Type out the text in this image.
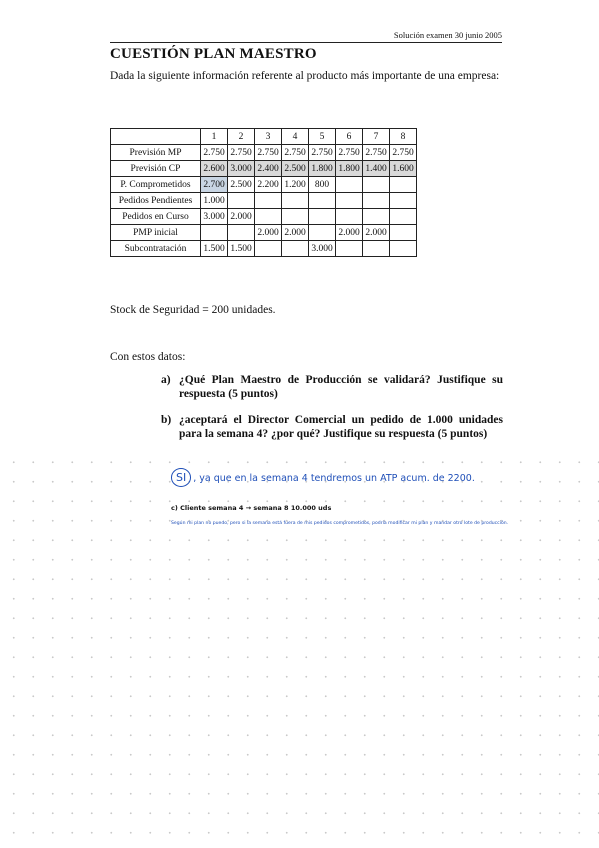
Solución examen 30 junio 2005
CUESTIÓN PLAN MAESTRO
Dada la siguiente información referente al producto más importante de una empresa:
	1	2	3	4	5	6	7	8
Previsión MP	2.750	2.750	2.750	2.750	2.750	2.750	2.750	2.750
Previsión CP	2.600	3.000	2.400	2.500	1.800	1.800	1.400	1.600
P. Comprometidos	2.700	2.500	2.200	1.200	800			
Pedidos Pendientes	1.000							
Pedidos en Curso	3.000	2.000						
PMP inicial			2.000	2.000		2.000	2.000	
Subcontratación	1.500	1.500			3.000			
Stock de Seguridad = 200 unidades.
Con estos datos:
a) ¿Qué Plan Maestro de Producción se validará? Justifique su respuesta (5 puntos)
b) ¿aceptará el Director Comercial un pedido de 1.000 unidades para la semana 4? ¿por qué? Justifique su respuesta (5 puntos)
SI , ya que en la semana 4 tendremos un ATP acum. de 2200.
c) Cliente semana 4 → semana 8 10.000 uds
Según mi plan no puedo, pero si la semana está fuera de mis pedidos comprometidos, podría modificar mi plan y mandar otro lote de producción.
